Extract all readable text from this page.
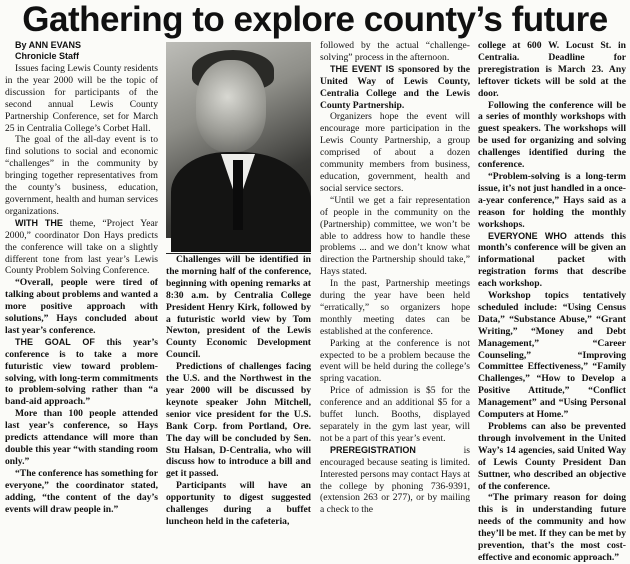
Gathering to explore county’s future
By ANN EVANS
Chronicle Staff

Issues facing Lewis County residents in the year 2000 will be the topic of discussion for participants of the second annual Lewis County Partnership Conference, set for March 25 in Centralia College’s Corbet Hall.

The goal of the all-day event is to find solutions to social and economic “challenges” in the community by bringing together representatives from the county’s business, education, government, health and human services organizations.

WITH THE theme, “Project Year 2000,” coordinator Don Hays predicts the conference will take on a slightly different tone from last year’s Lewis County Problem Solving Conference.

“Overall, people were tired of talking about problems and wanted a more positive approach with solutions,” Hays concluded about last year’s conference.

THE GOAL OF this year’s conference is to take a more futuristic view toward problem-solving, with long-term commitments to problem-solving rather than “a band-aid approach.”

More than 100 people attended last year’s conference, so Hays predicts attendance will more than double this year “with standing room only.”

“The conference has something for everyone,” the coordinator stated, adding, “the content of the day’s events will draw people in.”

Challenges will be identified in the morning half of the conference, beginning with opening remarks at 8:30 a.m. by Centralia College President Henry Kirk, followed by a futuristic world view by Tom Newton, president of the Lewis County Economic Development Council.

Predictions of challenges facing the U.S. and the Northwest in the year 2000 will be discussed by keynote speaker John Mitchell, senior vice president for the U.S. Bank Corp. from Portland, Ore. The day will be concluded by Sen. Stu Halsan, D-Centralia, who will discuss how to introduce a bill and get it passed.

Participants will have an opportunity to digest suggested challenges during a buffet luncheon held in the cafeteria,

followed by the actual “challenge-solving” process in the afternoon.

THE EVENT IS sponsored by the United Way of Lewis County, Centralia College and the Lewis County Partnership.

Organizers hope the event will encourage more participation in the Lewis County Partnership, a group comprised of about a dozen community members from business, education, government, health and social service sectors.

“Until we get a fair representation of people in the community on the (Partnership) committee, we won’t be able to address how to handle these problems ... and we don’t know what direction the Partnership should take,” Hays stated.

In the past, Partnership meetings during the year have been held “erratically,” so organizers hope monthly meeting dates can be established at the conference.

Parking at the conference is not expected to be a problem because the event will be held during the college’s spring vacation.

Price of admission is $5 for the conference and an additional $5 for a buffet lunch. Booths, displayed separately in the gym last year, will not be a part of this year’s event.

PREREGISTRATION is encouraged because seating is limited. Interested persons may contact Hays at the college by phoning 736-9391, (extension 263 or 277), or by mailing a check to the

college at 600 W. Locust St. in Centralia. Deadline for preregistration is March 23. Any leftover tickets will be sold at the door.

Following the conference will be a series of monthly workshops with guest speakers. The workshops will be used for organizing and solving challenges identified during the conference.

“Problem-solving is a long-term issue, it’s not just handled in a once-a-year conference,” Hays said as a reason for holding the monthly workshops.

EVERYONE WHO attends this month’s conference will be given an informational packet with registration forms that describe each workshop.

Workshop topics tentatively scheduled include: “Using Census Data,” “Substance Abuse,” “Grant Writing,” “Money and Debt Management,” “Career Counseling,” “Improving Committee Effectiveness,” “Family Challenges,” “How to Develop a Positive Attitude,” “Conflict Management” and “Using Personal Computers at Home.”

Problems can also be prevented through involvement in the United Way’s 14 agencies, said United Way of Lewis County President Dan Suttner, who described an objective of the conference.

“The primary reason for doing this is in understanding future needs of the community and how they’ll be met. If they can be met by prevention, that’s the most cost-effective and economic approach.”
